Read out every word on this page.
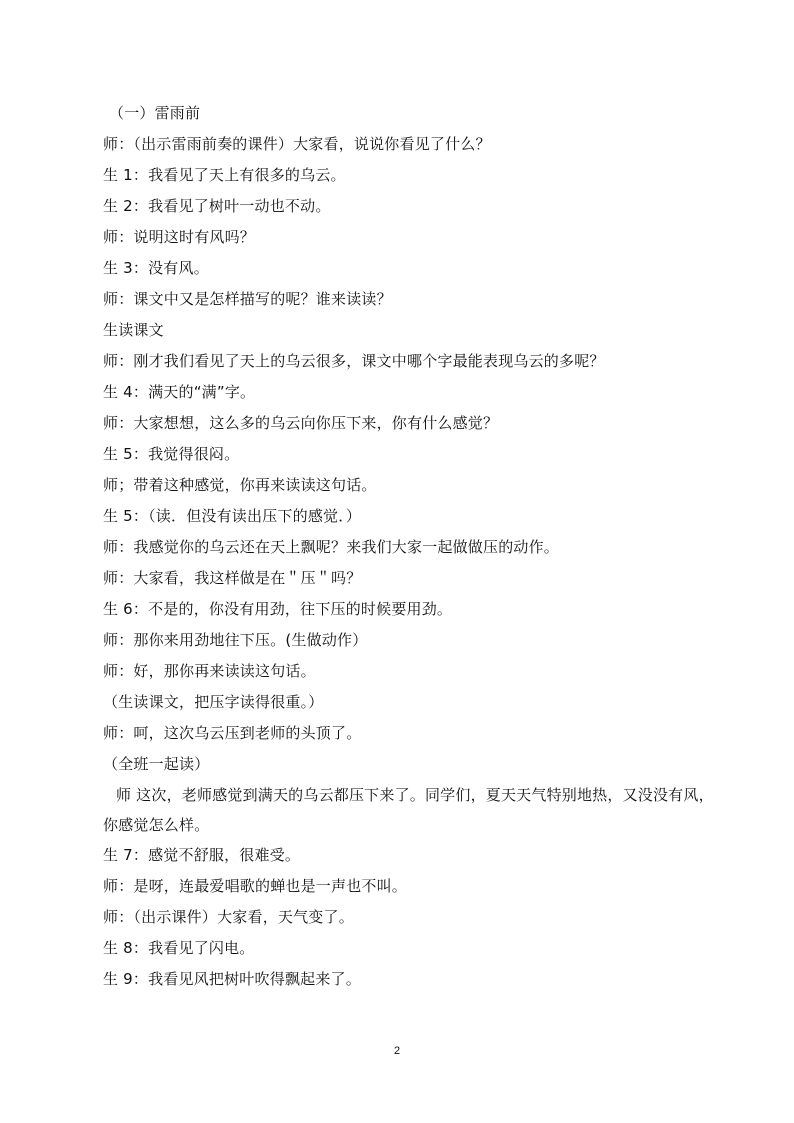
（一）雷雨前
师：（出示雷雨前奏的课件）大家看，说说你看见了什么？
生 1：我看见了天上有很多的乌云。
生 2：我看见了树叶一动也不动。
师：说明这时有风吗？
生 3：没有风。
师：课文中又是怎样描写的呢？谁来读读？
生读课文
师：刚才我们看见了天上的乌云很多，课文中哪个字最能表现乌云的多呢？
生 4：满天的“满”字。
师：大家想想，这么多的乌云向你压下来，你有什么感觉？
生 5：我觉得很闷。
师；带着这种感觉，你再来读读这句话。
生 5：（读．但没有读出压下的感觉．）
师：我感觉你的乌云还在天上飘呢？来我们大家一起做做压的动作。
师：大家看，我这样做是在＂压＂吗？
生 6：不是的，你没有用劲，往下压的时候要用劲。
师：那你来用劲地往下压。(生做动作）
师：好，那你再来读读这句话。
（生读课文，把压字读得很重。）
师：呵，这次乌云压到老师的头顶了。
（全班一起读）
师 这次，老师感觉到满天的乌云都压下来了。同学们，夏天天气特别地热，又没没有风，
你感觉怎么样。
生 7：感觉不舒服，很难受。
师：是呀，连最爱唱歌的蝉也是一声也不叫。
师：（出示课件）大家看，天气变了。
生 8：我看见了闪电。
生 9：我看见风把树叶吹得飘起来了。
2
